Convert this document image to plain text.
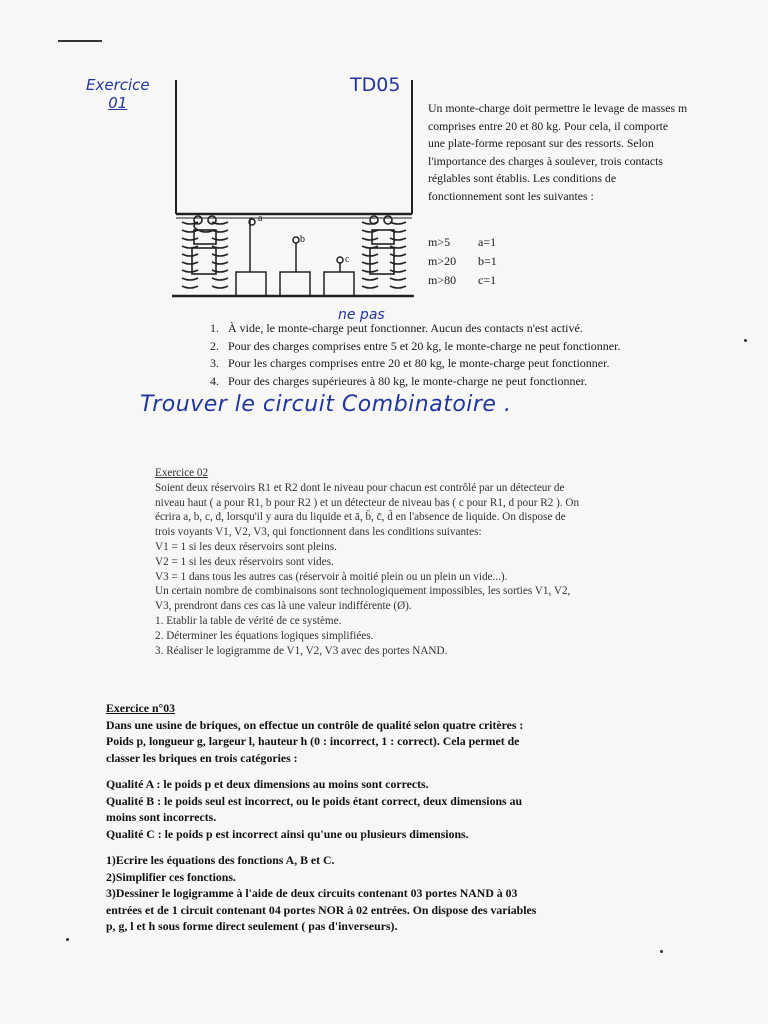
Exercice
01
TD05
a
b
c
Un monte-charge doit permettre le levage de masses m comprises entre 20 et 80 kg. Pour cela, il comporte une plate-forme reposant sur des ressorts. Selon l'importance des charges à soulever, trois contacts réglables sont établis. Les conditions de fonctionnement sont les suivantes :
m>5	a=1
m>20	b=1
m>80	c=1
ne pas
1. À vide, le monte-charge peut fonctionner. Aucun des contacts n'est activé.
2. Pour des charges comprises entre 5 et 20 kg, le monte-charge ne peut fonctionner.
3. Pour les charges comprises entre 20 et 80 kg, le monte-charge peut fonctionner.
4. Pour des charges supérieures à 80 kg, le monte-charge ne peut fonctionner.
Trouver le circuit Combinatoire .
Exercice 02
Soient deux réservoirs R1 et R2 dont le niveau pour chacun est contrôlé par un détecteur de
niveau haut ( a pour R1, b pour R2 ) et un détecteur de niveau bas ( c pour R1, d pour R2 ). On
écrira a, b, c, d, lorsqu'il y aura du liquide et ā, b̄, c̄, d̄ en l'absence de liquide. On dispose de
trois voyants V1, V2, V3, qui fonctionnent dans les conditions suivantes:
V1 = 1 si les deux réservoirs sont pleins.
V2 = 1 si les deux réservoirs sont vides.
V3 = 1 dans tous les autres cas (réservoir à moitié plein ou un plein un vide...).
Un certain nombre de combinaisons sont technologiquement impossibles, les sorties V1, V2,
V3, prendront dans ces cas là une valeur indifférente (Ø).
1. Etablir la table de vérité de ce système.
2. Déterminer les équations logiques simplifiées.
3. Réaliser le logigramme de V1, V2, V3 avec des portes NAND.
Exercice n°03
Dans une usine de briques, on effectue un contrôle de qualité selon quatre critères :
Poids p, longueur g, largeur l, hauteur h (0 : incorrect, 1 : correct). Cela permet de
classer les briques en trois catégories :
Qualité A : le poids p et deux dimensions au moins sont corrects.
Qualité B : le poids seul est incorrect, ou le poids étant correct, deux dimensions au
moins sont incorrects.
Qualité C : le poids p est incorrect ainsi qu'une ou plusieurs dimensions.
1)Ecrire les équations des fonctions A, B et C.
2)Simplifier ces fonctions.
3)Dessiner le logigramme à l'aide de deux circuits contenant 03 portes NAND à 03
entrées et de 1 circuit contenant 04 portes NOR à 02 entrées. On dispose des variables
p, g, l et h sous forme direct seulement ( pas d'inverseurs).
